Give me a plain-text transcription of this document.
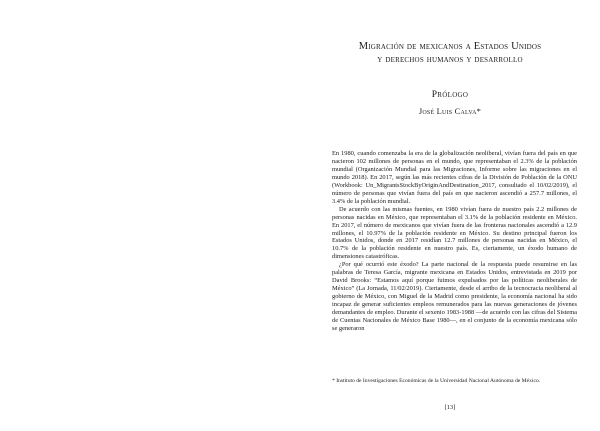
Migración de mexicanos a Estados Unidos
y derechos humanos y desarrollo
Prólogo
José Luis Calva*

En 1980, cuando comenzaba la era de la globalización neoliberal, vivían fuera del país en que nacieron 102 millones de personas en el mundo, que representaban el 2.3% de la población mundial (Organización Mundial para las Migraciones, Informe sobre las migraciones en el mundo 2018). En 2017, según las más recientes cifras de la División de Población de la ONU (Workbook: Un_MigrantsStockByOriginAndDestination_2017, consultado el 10/02/2019), el número de personas que vivían fuera del país en que nacieron ascendió a 257.7 millones, el 3.4% de la población mundial.

De acuerdo con las mismas fuentes, en 1980 vivían fuera de nuestro país 2.2 millones de personas nacidas en México, que representaban el 3.1% de la población residente en México. En 2017, el número de mexicanos que vivían fuera de las fronteras nacionales ascendió a 12.9 millones, el 10.97% de la población residente en México. Su destino principal fueron los Estados Unidos, donde en 2017 residían 12.7 millones de personas nacidas en México, el 10.7% de la población residente en nuestro país. Es, ciertamente, un éxodo humano de dimensiones catastróficas.

¿Por qué ocurrió este éxodo? La parte nacional de la respuesta puede resumirse en las palabras de Teresa García, migrante mexicana en Estados Unidos, entrevistada en 2019 por David Brooks: “Estamos aquí porque fuimos expulsados por las políticas neoliberales de México” (La Jornada, 11/02/2019). Ciertamente, desde el arribo de la tecnocracia neoliberal al gobierno de México, con Miguel de la Madrid como presidente, la economía nacional ha sido incapaz de generar suficientes empleos remunerados para las nuevas generaciones de jóvenes demandantes de empleo. Durante el sexenio 1983-1988 —de acuerdo con las cifras del Sistema de Cuentas Nacionales de México Base 1980—, en el conjunto de la economía mexicana sólo se generaron

* Instituto de Investigaciones Económicas de la Universidad Nacional Autónoma de México.
[13]
